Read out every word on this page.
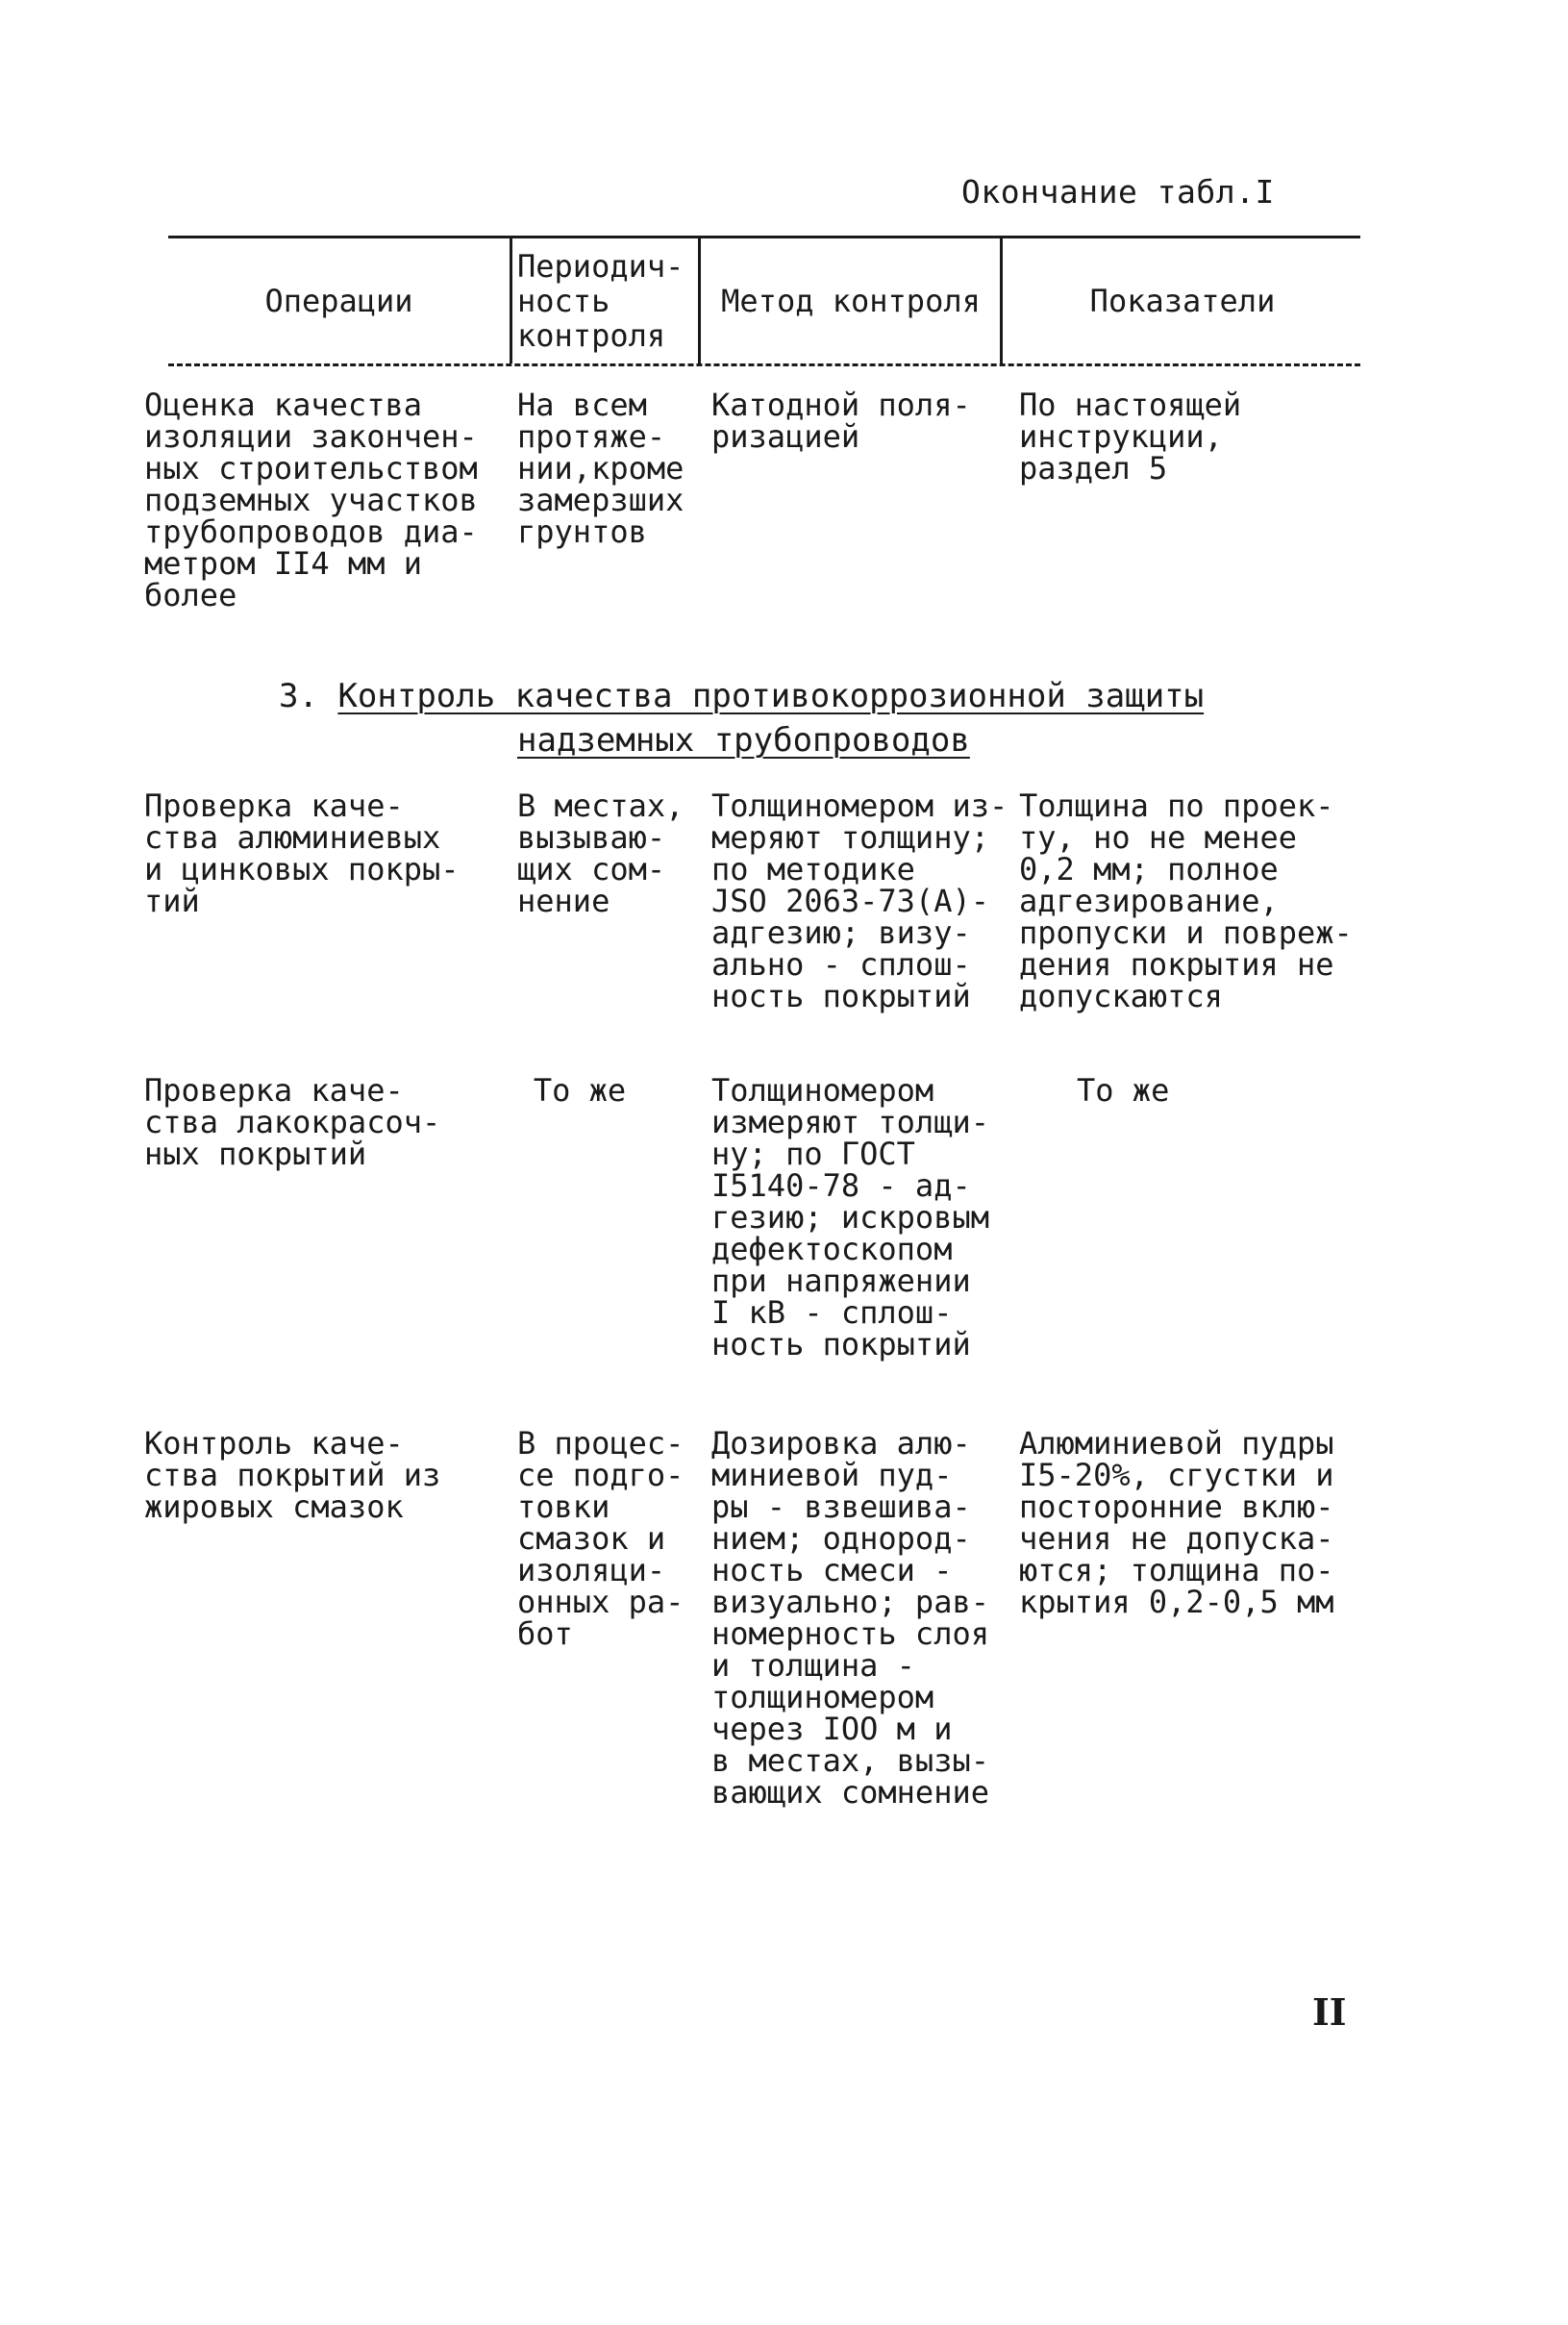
Окончание табл.I
Операции
Периодич-
ность
контроля
Метод контроля	Показатели
Оценка качества
изоляции закончен-
ных строительством
подземных участков
трубопроводов диа-
метром II4 мм и
более
На всем
протяже-
нии,кроме
замерзших
грунтов
Катодной поля-
ризацией
По настоящей
инструкции,
раздел 5
3. Контроль качества противокоррозионной защиты
надземных трубопроводов
Проверка каче-
ства алюминиевых
и цинковых покры-
тий
В местах,
вызываю-
щих сом-
нение
Толщиномером из-
меряют толщину;
по методике
JSO 2063-73(A)-
адгезию; визу-
ально - сплош-
ность покрытий
Толщина по проек-
ту, но не менее
0,2 мм; полное
адгезирование,
пропуски и повреж-
дения покрытия не
допускаются
Проверка каче-
ства лакокрасоч-
ных покрытий
То же	Толщиномером
измеряют толщи-
ну; по ГОСТ
I5140-78 - ад-
гезию; искровым
дефектоскопом
при напряжении
I кВ - сплош-
ность покрытий
То же
Контроль каче-
ства покрытий из
жировых смазок
В процес-
се подго-
товки
смазок и
изоляци-
онных ра-
бот
Дозировка алю-
миниевой пуд-
ры - взвешива-
нием; однород-
ность смеси -
визуально; рав-
номерность слоя
и толщина -
толщиномером
через IOO м и
в местах, вызы-
вающих сомнение
Алюминиевой пудры
I5-20%, сгустки и
посторонние вклю-
чения не допуска-
ются; толщина по-
крытия 0,2-0,5 мм
II
